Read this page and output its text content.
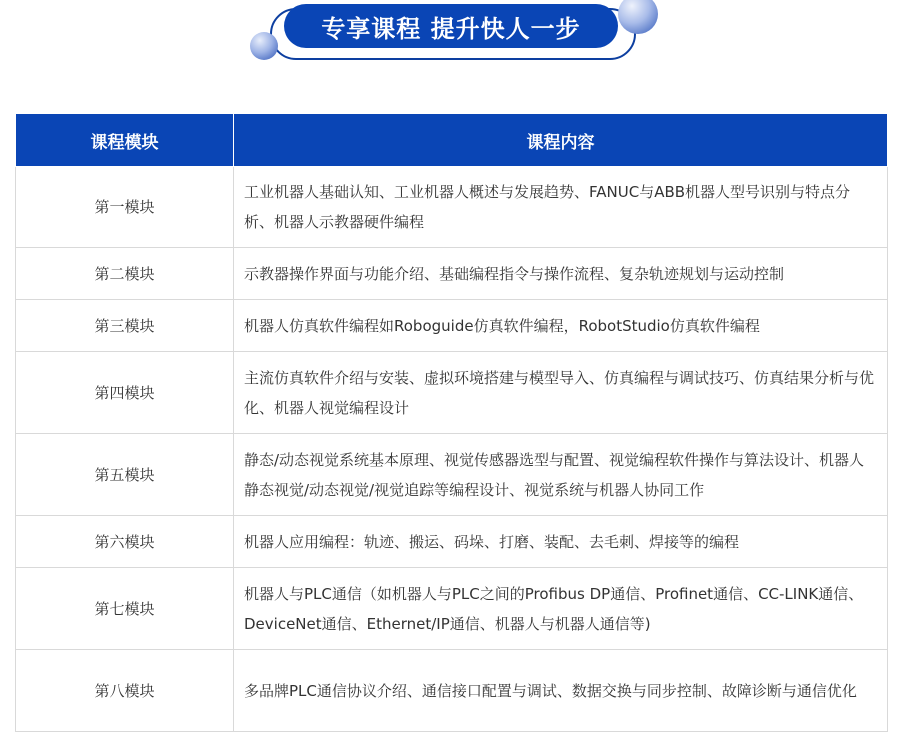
专享课程 提升快人一步
课程模块	课程内容
第一模块	工业机器人基础认知、工业机器人概述与发展趋势、FANUC与ABB机器人型号识别与特点分析、机器人示教器硬件编程
第二模块	示教器操作界面与功能介绍、基础编程指令与操作流程、复杂轨迹规划与运动控制
第三模块	机器人仿真软件编程如Roboguide仿真软件编程，RobotStudio仿真软件编程
第四模块	主流仿真软件介绍与安装、虚拟环境搭建与模型导入、仿真编程与调试技巧、仿真结果分析与优化、机器人视觉编程设计
第五模块	静态/动态视觉系统基本原理、视觉传感器选型与配置、视觉编程软件操作与算法设计、机器人静态视觉/动态视觉/视觉追踪等编程设计、视觉系统与机器人协同工作
第六模块	机器人应用编程：轨迹、搬运、码垛、打磨、装配、去毛刺、焊接等的编程
第七模块	机器人与PLC通信（如机器人与PLC之间的Profibus DP通信、Profinet通信、CC-LINK通信、DeviceNet通信、Ethernet/IP通信、机器人与机器人通信等)
第八模块	多品牌PLC通信协议介绍、通信接口配置与调试、数据交换与同步控制、故障诊断与通信优化
